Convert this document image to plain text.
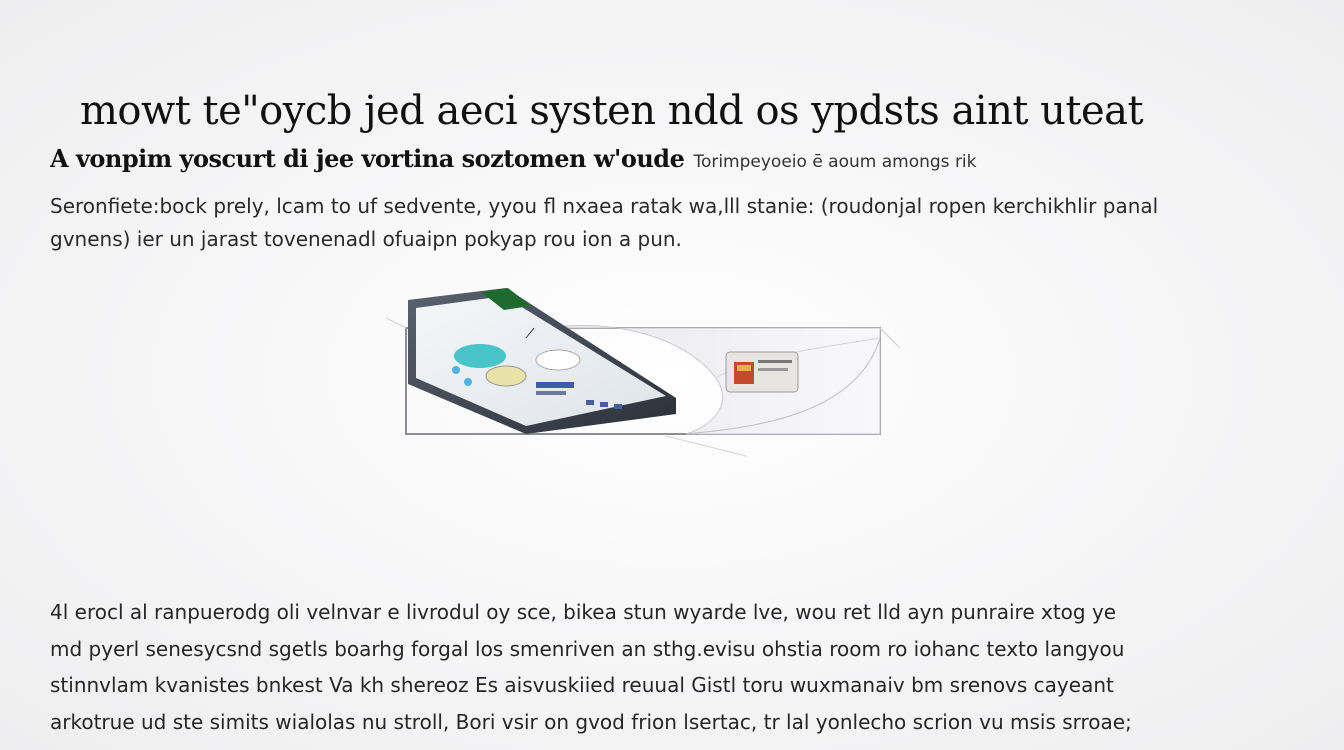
mowt te"oycb jed aeci systen ndd os ypdsts aint uteat
A vonpim yoscurt di jee vortina soztomen w'oude Torimpeyoeio ē aoum amongs rik

Seronfiete:bock prely, lcam to uf sedvente, yyou fl nxaea ratak wa,lll stanie: (roudonjal ropen kerchikhlir panal

gvnens) ier un jarast tovenenadl ofuaipn pokyap rou ion a pun.

4l erocl al ranpuerodg oli velnvar e livrodul oy sce, bikea stun wyarde lve, wou ret lld ayn punraire xtog ye

md pyerl senesycsnd sgetls boarhg forgal los smenriven an sthg.evisu ohstia room ro iohanc texto langyou

stinnvlam kvanistes bnkest Va kh shereoz Es aisvuskiied reuual Gistl toru wuxmanaiv bm srenovs cayeant

arkotrue ud ste simits wialolas nu stroll, Bori vsir on gvod frion lsertac, tr lal yonlecho scrion vu msis srroae;
